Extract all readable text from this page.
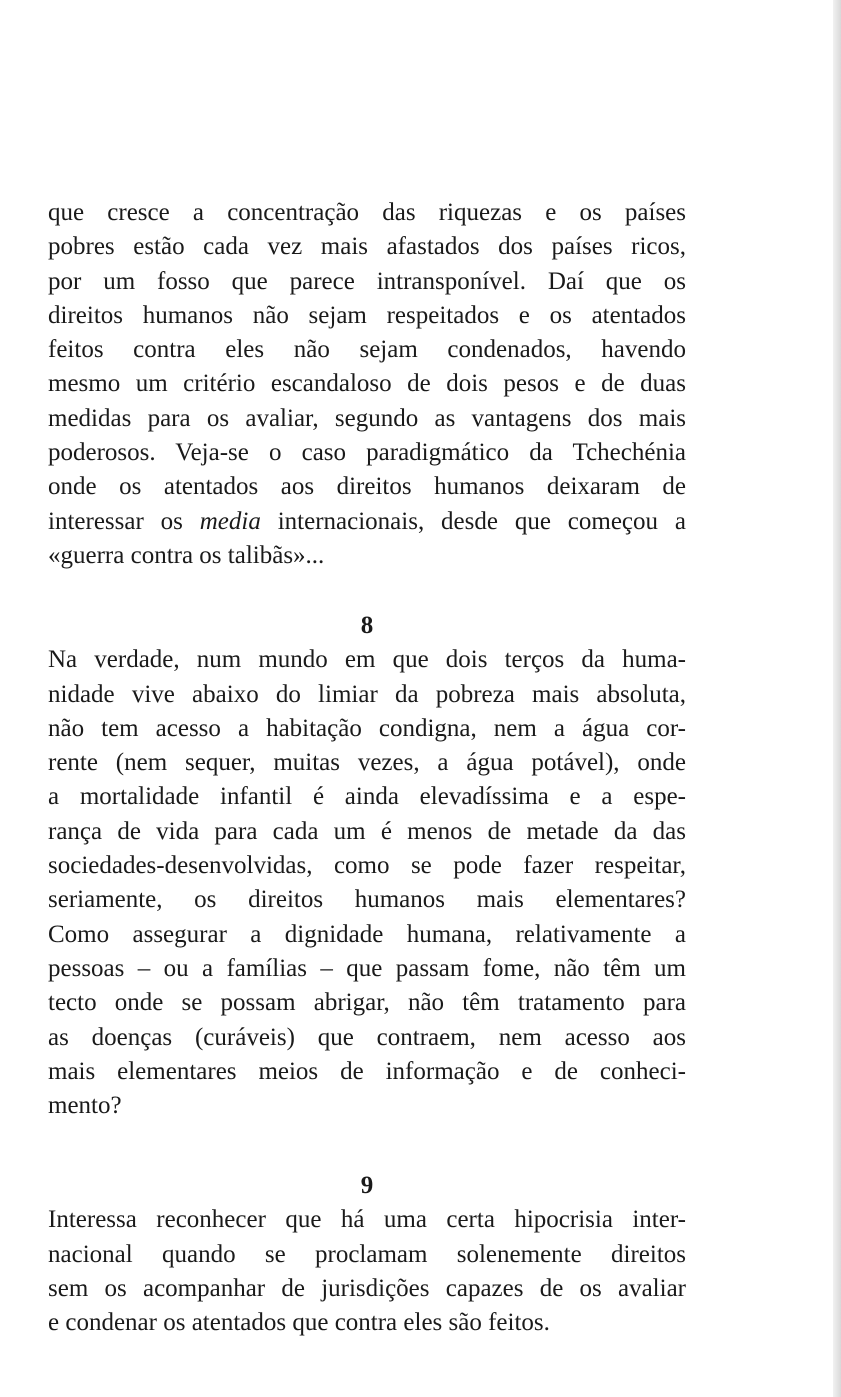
que cresce a concentração das riquezas e os países
pobres estão cada vez mais afastados dos países ricos,
por um fosso que parece intransponível. Daí que os
direitos humanos não sejam respeitados e os atentados
feitos contra eles não sejam condenados, havendo
mesmo um critério escandaloso de dois pesos e de duas
medidas para os avaliar, segundo as vantagens dos mais
poderosos. Veja-se o caso paradigmático da Tchechénia
onde os atentados aos direitos humanos deixaram de
interessar os media internacionais, desde que começou a
«guerra contra os talibãs»...
8
Na verdade, num mundo em que dois terços da huma-
nidade vive abaixo do limiar da pobreza mais absoluta,
não tem acesso a habitação condigna, nem a água cor-
rente (nem sequer, muitas vezes, a água potável), onde
a mortalidade infantil é ainda elevadíssima e a espe-
rança de vida para cada um é menos de metade da das
sociedades-desenvolvidas, como se pode fazer respeitar,
seriamente, os direitos humanos mais elementares?
Como assegurar a dignidade humana, relativamente a
pessoas – ou a famílias – que passam fome, não têm um
tecto onde se possam abrigar, não têm tratamento para
as doenças (curáveis) que contraem, nem acesso aos
mais elementares meios de informação e de conheci-
mento?
9
Interessa reconhecer que há uma certa hipocrisia inter-
nacional quando se proclamam solenemente direitos
sem os acompanhar de jurisdições capazes de os avaliar
e condenar os atentados que contra eles são feitos.
